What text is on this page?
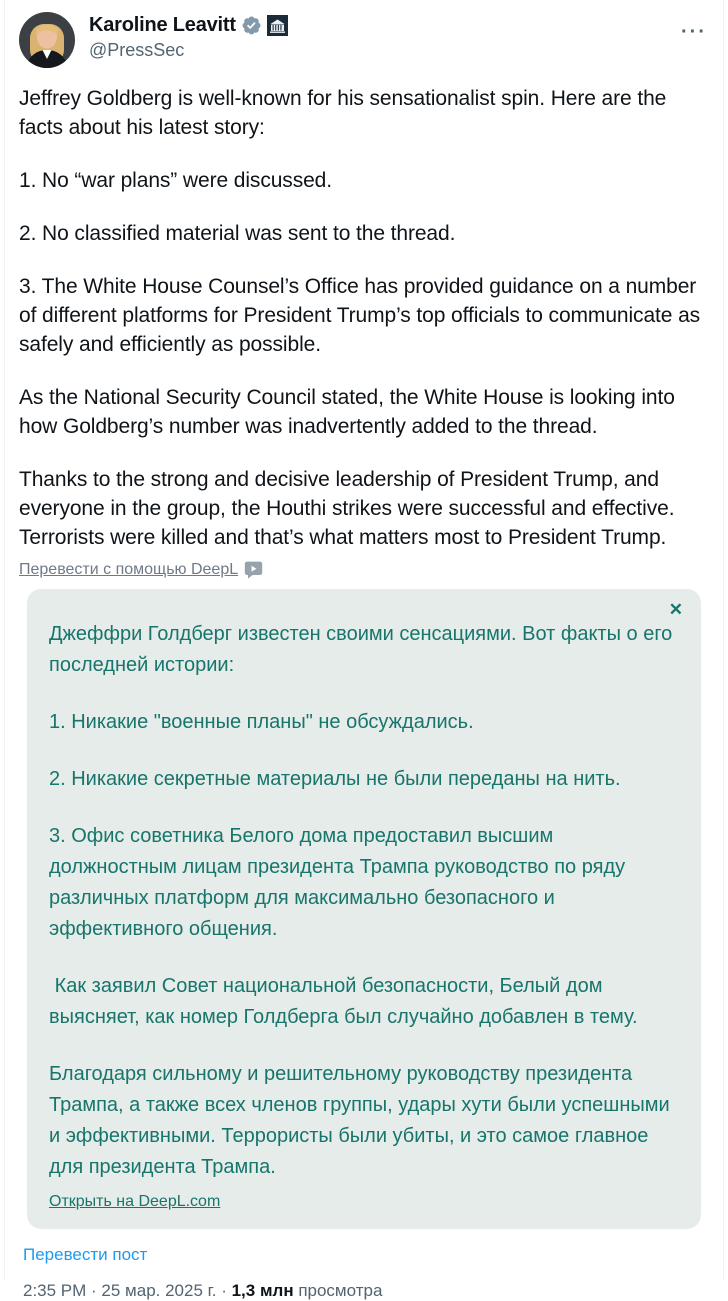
Karoline Leavitt
@PressSec
···

Jeffrey Goldberg is well-known for his sensationalist spin. Here are the facts about his latest story:

1. No “war plans” were discussed.

2. No classified material was sent to the thread.

3. The White House Counsel’s Office has provided guidance on a number of different platforms for President Trump’s top officials to communicate as safely and efficiently as possible.

As the National Security Council stated, the White House is looking into how Goldberg’s number was inadvertently added to the thread.

Thanks to the strong and decisive leadership of President Trump, and everyone in the group, the Houthi strikes were successful and effective. Terrorists were killed and that’s what matters most to President Trump.

Перевести с помощью DeepL
✕

Джеффри Голдберг известен своими сенсациями. Вот факты о его последней истории:

1. Никакие "военные планы" не обсуждались.

2. Никакие секретные материалы не были переданы на нить.

3. Офис советника Белого дома предоставил высшим должностным лицам президента Трампа руководство по ряду различных платформ для максимально безопасного и эффективного общения.

Как заявил Совет национальной безопасности, Белый дом выясняет, как номер Голдберга был случайно добавлен в тему.

Благодаря сильному и решительному руководству президента Трампа, а также всех членов группы, удары хути были успешными и эффективными. Террористы были убиты, и это самое главное для президента Трампа.

Открыть на DeepL.com
Перевести пост
2:35 PM · 25 мар. 2025 г. · 1,3 млн просмотра
